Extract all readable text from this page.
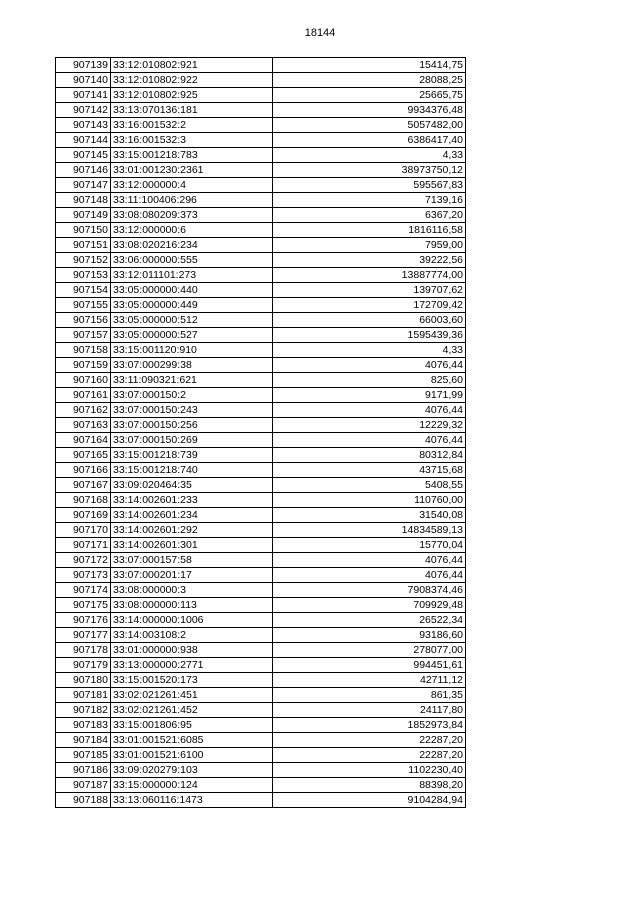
18144
907139	33:12:010802:921	15414,75
907140	33:12:010802:922	28088,25
907141	33:12:010802:925	25665,75
907142	33:13:070136:181	9934376,48
907143	33:16:001532:2	5057482,00
907144	33:16:001532:3	6386417,40
907145	33:15:001218:783	4,33
907146	33:01:001230:2361	38973750,12
907147	33:12:000000:4	595567,83
907148	33:11:100406:296	7139,16
907149	33:08:080209:373	6367,20
907150	33:12:000000:6	1816116,58
907151	33:08:020216:234	7959,00
907152	33:06:000000:555	39222,56
907153	33:12:011101:273	13887774,00
907154	33:05:000000:440	139707,62
907155	33:05:000000:449	172709,42
907156	33:05:000000:512	66003,60
907157	33:05:000000:527	1595439,36
907158	33:15:001120:910	4,33
907159	33:07:000299:38	4076,44
907160	33:11:090321:621	825,60
907161	33:07:000150:2	9171,99
907162	33:07:000150:243	4076,44
907163	33:07:000150:256	12229,32
907164	33:07:000150:269	4076,44
907165	33:15:001218:739	80312,84
907166	33:15:001218:740	43715,68
907167	33:09:020464:35	5408,55
907168	33:14:002601:233	110760,00
907169	33:14:002601:234	31540,08
907170	33:14:002601:292	14834589,13
907171	33:14:002601:301	15770,04
907172	33:07:000157:58	4076,44
907173	33:07:000201:17	4076,44
907174	33:08:000000:3	7908374,46
907175	33:08:000000:113	709929,48
907176	33:14:000000:1006	26522,34
907177	33:14:003108:2	93186,60
907178	33:01:000000:938	278077,00
907179	33:13:000000:2771	994451,61
907180	33:15:001520:173	42711,12
907181	33:02:021261:451	861,35
907182	33:02:021261:452	24117,80
907183	33:15:001806:95	1852973,84
907184	33:01:001521:6085	22287,20
907185	33:01:001521:6100	22287,20
907186	33:09:020279:103	1102230,40
907187	33:15:000000:124	88398,20
907188	33:13:060116:1473	9104284,94
